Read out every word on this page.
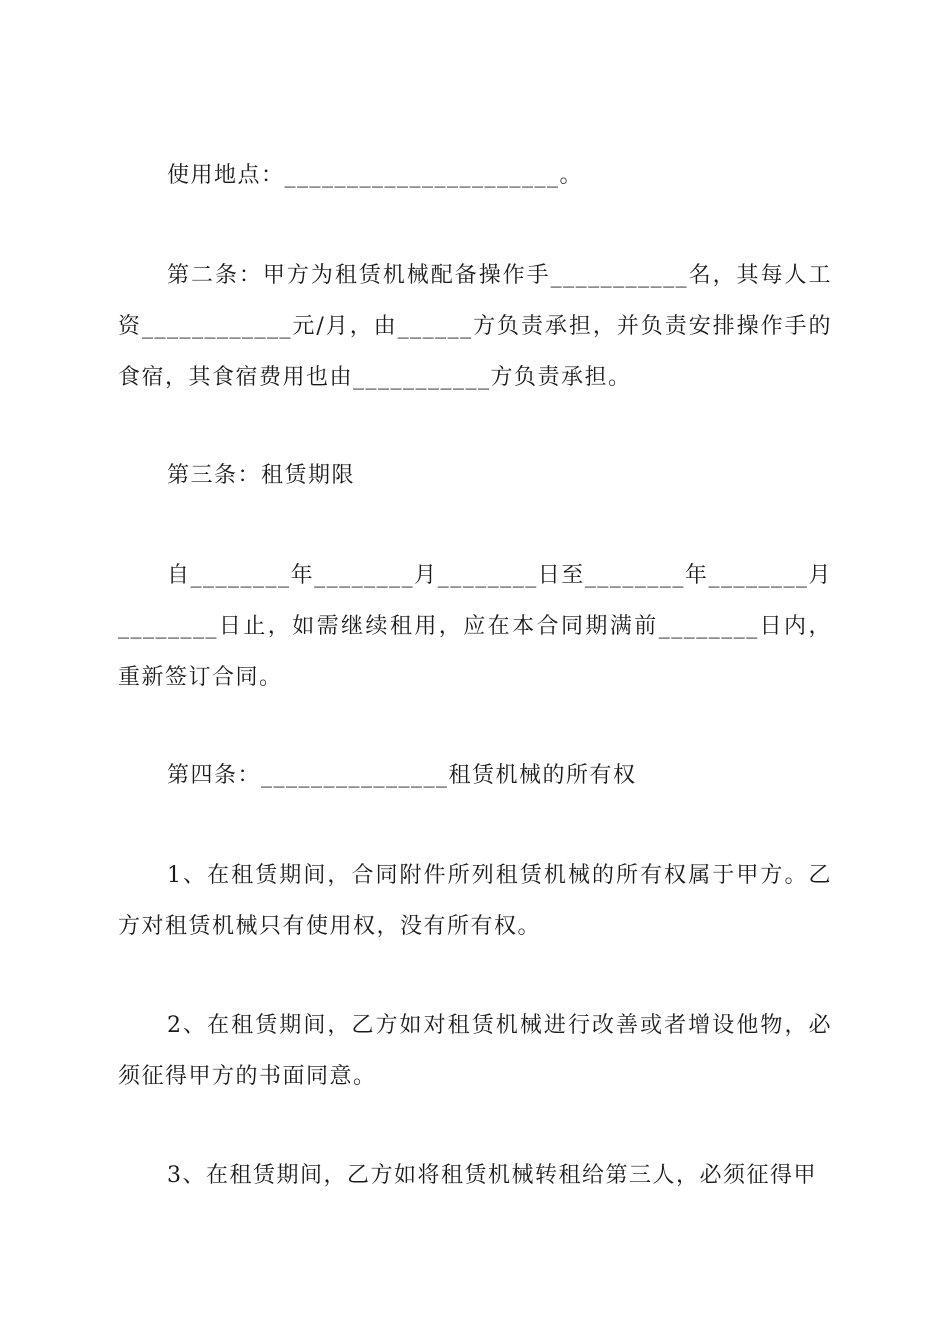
使用地点：______________________。

第二条：甲方为租赁机械配备操作手___________名，其每人工资____________元/月，由______方负责承担，并负责安排操作手的食宿，其食宿费用也由___________方负责承担。

第三条：租赁期限

自________年________月________日至________年________月________日止，如需继续租用，应在本合同期满前________日内，重新签订合同。

第四条：_______________租赁机械的所有权

1、在租赁期间，合同附件所列租赁机械的所有权属于甲方。乙方对租赁机械只有使用权，没有所有权。

2、在租赁期间，乙方如对租赁机械进行改善或者增设他物，必须征得甲方的书面同意。

3、在租赁期间，乙方如将租赁机械转租给第三人，必须征得甲
